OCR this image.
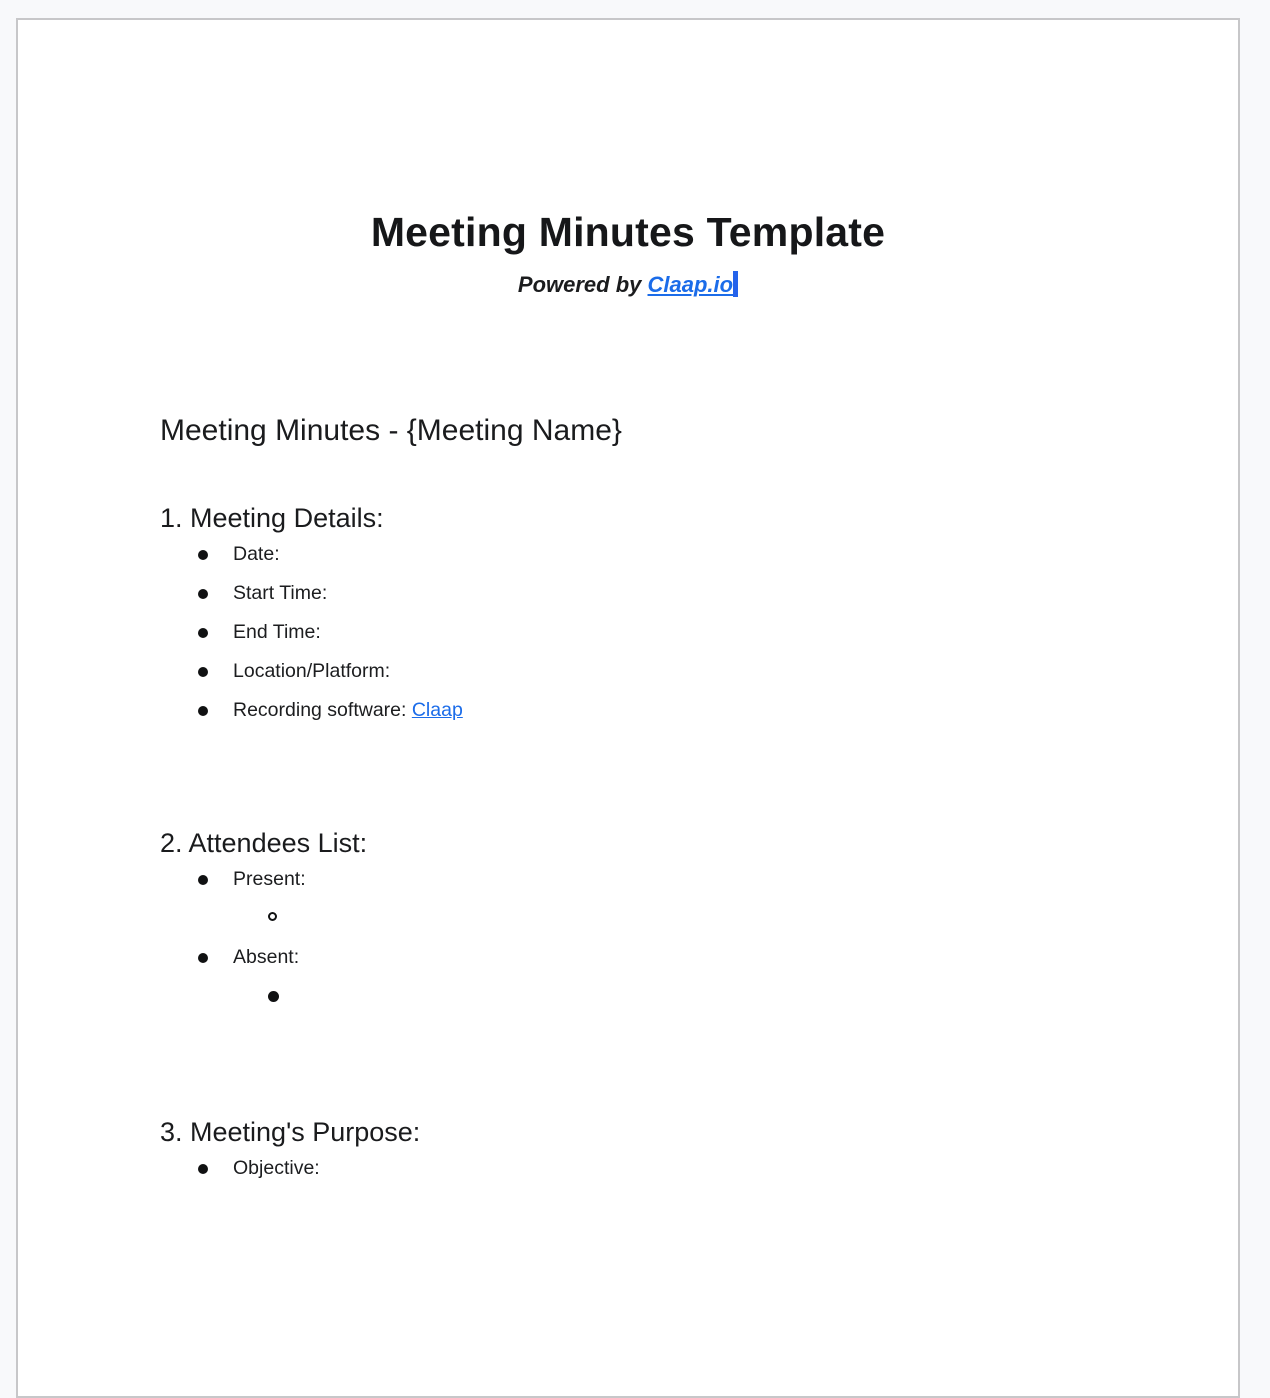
Meeting Minutes Template

Powered by Claap.io

Meeting Minutes - {Meeting Name}
1. Meeting Details:
Date:
Start Time:
End Time:
Location/Platform:
Recording software: Claap
2. Attendees List:
Present:
Absent:
3. Meeting's Purpose:
Objective:
